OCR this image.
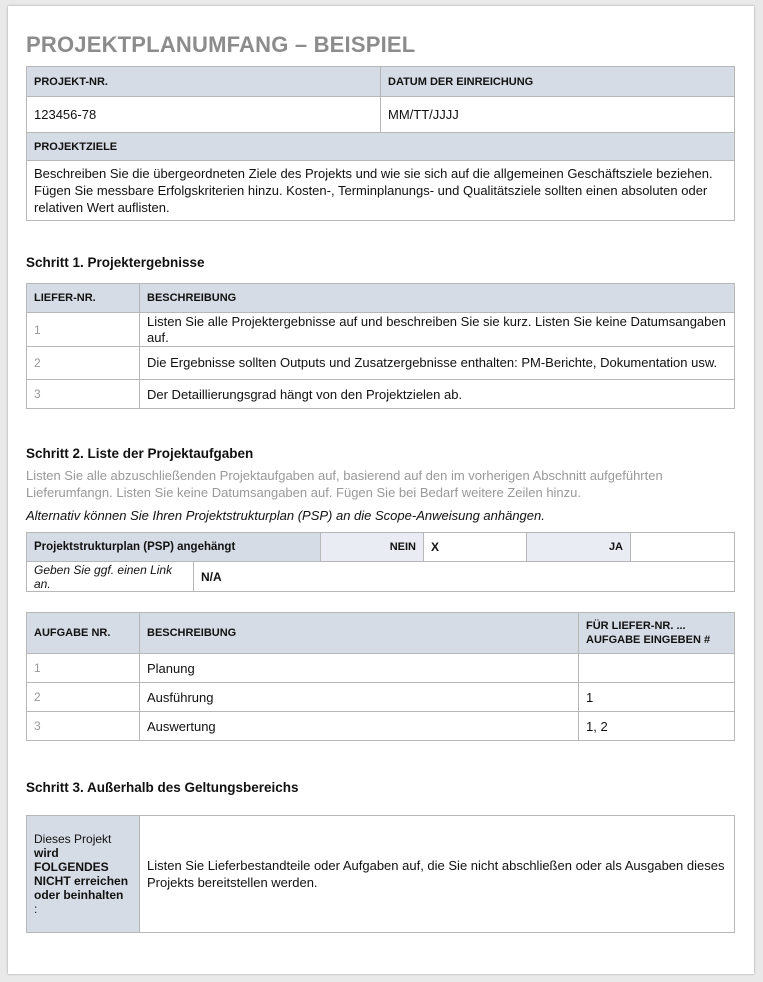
PROJEKTPLANUMFANG – BEISPIEL
PROJEKT-NR.	DATUM DER EINREICHUNG
123456-78	MM/TT/JJJJ
PROJEKTZIELE	
Beschreiben Sie die übergeordneten Ziele des Projekts und wie sie sich auf die allgemeinen Geschäftsziele beziehen. Fügen Sie messbare Erfolgskriterien hinzu. Kosten-, Terminplanungs- und Qualitätsziele sollten einen absoluten oder relativen Wert auflisten.	
Schritt 1. Projektergebnisse
LIEFER-NR.	BESCHREIBUNG
1	Listen Sie alle Projektergebnisse auf und beschreiben Sie sie kurz. Listen Sie keine Datumsangaben auf.
2	Die Ergebnisse sollten Outputs und Zusatzergebnisse enthalten: PM-Berichte, Dokumentation usw.
3	Der Detaillierungsgrad hängt von den Projektzielen ab.
Schritt 2. Liste der Projektaufgaben
Listen Sie alle abzuschließenden Projektaufgaben auf, basierend auf den im vorherigen Abschnitt aufgeführten Lieferumfangn. Listen Sie keine Datumsangaben auf. Fügen Sie bei Bedarf weitere Zeilen hinzu.
Alternativ können Sie Ihren Projektstrukturplan (PSP) an die Scope-Anweisung anhängen.
Projektstrukturplan (PSP) angehängt		NEIN	X	JA	
Geben Sie ggf. einen Link an.	N/A				
AUFGABE NR.	BESCHREIBUNG	FÜR LIEFER-NR. ... AUFGABE EINGEBEN #
1	Planung	
2	Ausführung	1
3	Auswertung	1, 2
Schritt 3. Außerhalb des Geltungsbereichs
Dieses Projekt
wird FOLGENDES NICHT erreichen oder beinhalten
:	Listen Sie Lieferbestandteile oder Aufgaben auf, die Sie nicht abschließen oder als Ausgaben dieses Projekts bereitstellen werden.
